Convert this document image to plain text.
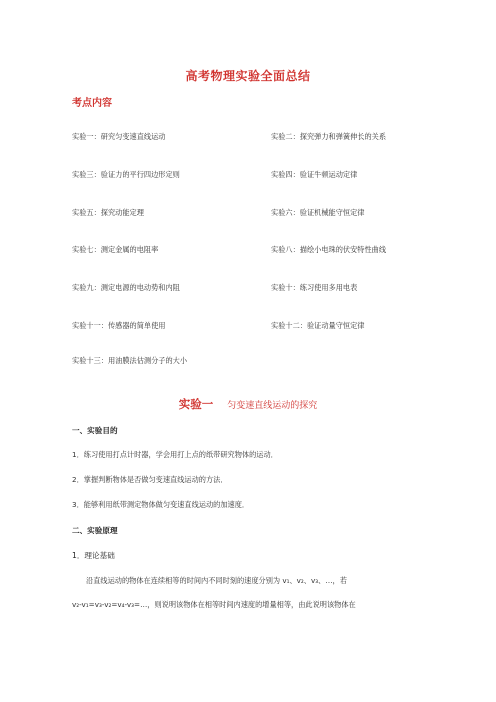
高考物理实验全面总结
考点内容
实验一：研究匀变速直线运动	实验二：探究弹力和弹簧伸长的关系
实验三：验证力的平行四边形定则	实验四：验证牛顿运动定律
实验五：探究动能定理	实验六：验证机械能守恒定律
实验七：测定金属的电阻率	实验八：描绘小电珠的伏安特性曲线
实验九：测定电源的电动势和内阻	实验十：练习使用多用电表
实验十一：传感器的简单使用	实验十二：验证动量守恒定律
实验十三：用油膜法估测分子的大小
实验一 匀变速直线运动的探究
一、实验目的
1．练习使用打点计时器，学会用打上点的纸带研究物体的运动．
2．掌握判断物体是否做匀变速直线运动的方法．
3．能够利用纸带测定物体做匀变速直线运动的加速度．
二、实验原理
1．理论基础
沿直线运动的物体在连续相等的时间内不同时刻的速度分别为 v₁、v₂、v₃、…，若
v₂-v₁=v₃-v₂=v₄-v₃=…，则说明该物体在相等时间内速度的增量相等，由此说明该物体在
